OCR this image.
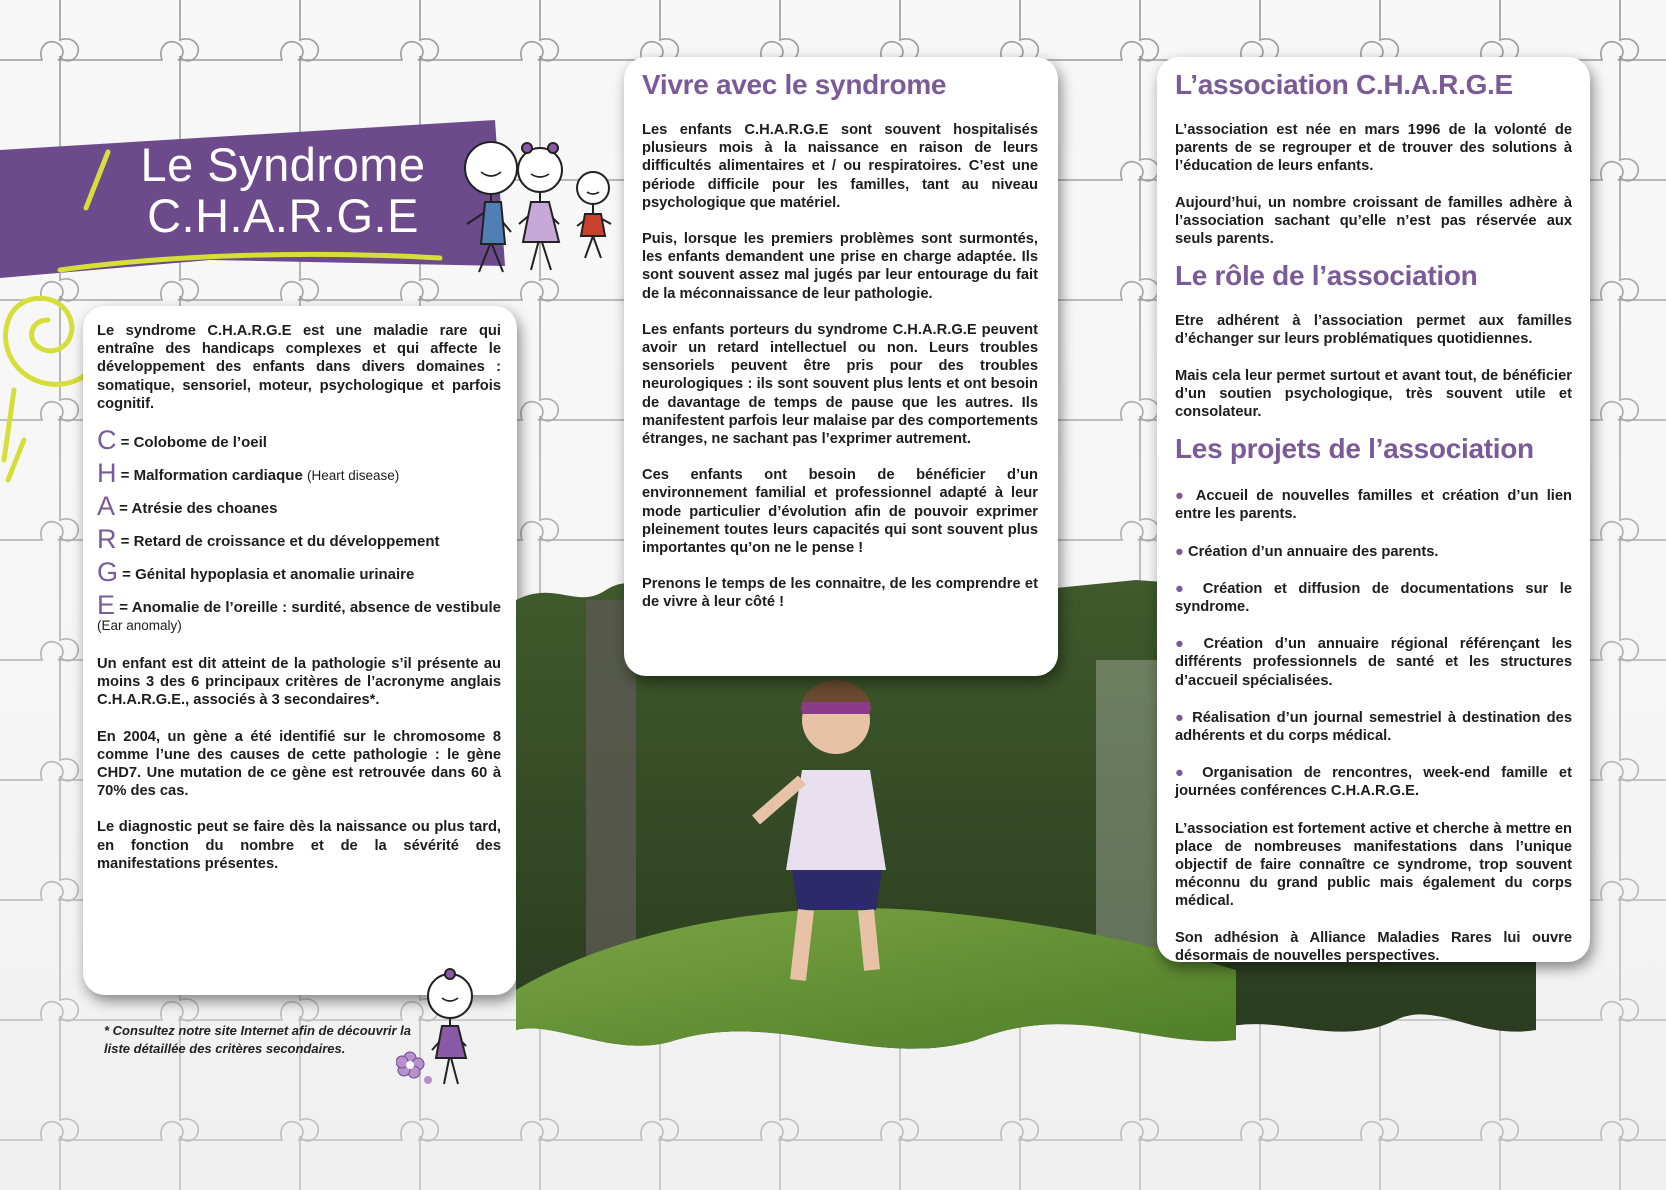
Le Syndrome
C.H.A.R.G.E

Le syndrome C.H.A.R.G.E est une maladie rare qui entraîne des handicaps complexes et qui affecte le développement des enfants dans divers domaines : somatique, sensoriel, moteur, psychologique et parfois cognitif.

C = Colobome de l’oeil
H = Malformation cardiaque (Heart disease)
A = Atrésie des choanes
R = Retard de croissance et du développement
G = Génital hypoplasia et anomalie urinaire
E = Anomalie de l’oreille : surdité, absence de vestibule (Ear anomaly)

Un enfant est dit atteint de la pathologie s’il présente au moins 3 des 6 principaux critères de l’acronyme anglais C.H.A.R.G.E., associés à 3 secondaires*.

En 2004, un gène a été identifié sur le chromosome 8 comme l’une des causes de cette pathologie : le gène CHD7. Une mutation de ce gène est retrouvée dans 60 à 70% des cas.

Le diagnostic peut se faire dès la naissance ou plus tard, en fonction du nombre et de la sévérité des manifestations présentes.

Vivre avec le syndrome

Les enfants C.H.A.R.G.E sont souvent hospitalisés plusieurs mois à la naissance en raison de leurs difficultés alimentaires et / ou respiratoires. C’est une période difficile pour les familles, tant au niveau psychologique que matériel.

Puis, lorsque les premiers problèmes sont surmontés, les enfants demandent une prise en charge adaptée. Ils sont souvent assez mal jugés par leur entourage du fait de la méconnaissance de leur pathologie.

Les enfants porteurs du syndrome C.H.A.R.G.E peuvent avoir un retard intellectuel ou non. Leurs troubles sensoriels peuvent être pris pour des troubles neurologiques : ils sont souvent plus lents et ont besoin de davantage de temps de pause que les autres. Ils manifestent parfois leur malaise par des comportements étranges, ne sachant pas l’exprimer autrement.

Ces enfants ont besoin de bénéficier d’un environnement familial et professionnel adapté à leur mode particulier d’évolution afin de pouvoir exprimer pleinement toutes leurs capacités qui sont souvent plus importantes qu’on ne le pense !

Prenons le temps de les connaitre, de les comprendre et de vivre à leur côté !

L’association C.H.A.R.G.E

L’association est née en mars 1996 de la volonté de parents de se regrouper et de trouver des solutions à l’éducation de leurs enfants.

Aujourd’hui, un nombre croissant de familles adhère à l’association sachant qu’elle n’est pas réservée aux seuls parents.

Le rôle de l’association

Etre adhérent à l’association permet aux familles d’échanger sur leurs problématiques quotidiennes.

Mais cela leur permet surtout et avant tout, de bénéficier d’un soutien psychologique, très souvent utile et consolateur.

Les projets de l’association
● Accueil de nouvelles familles et création d’un lien entre les parents.
● Création d’un annuaire des parents.
● Création et diffusion de documentations sur le syndrome.
● Création d’un annuaire régional référençant les différents professionnels de santé et les structures d’accueil spécialisées.
● Réalisation d’un journal semestriel à destination des adhérents et du corps médical.
● Organisation de rencontres, week-end famille et journées conférences C.H.A.R.G.E.

L’association est fortement active et cherche à mettre en place de nombreuses manifestations dans l’unique objectif de faire connaître ce syndrome, trop souvent méconnu du grand public mais également du corps médical.

Son adhésion à Alliance Maladies Rares lui ouvre désormais de nouvelles perspectives.

* Consultez notre site Internet afin de découvrir la liste détaillée des critères secondaires.
